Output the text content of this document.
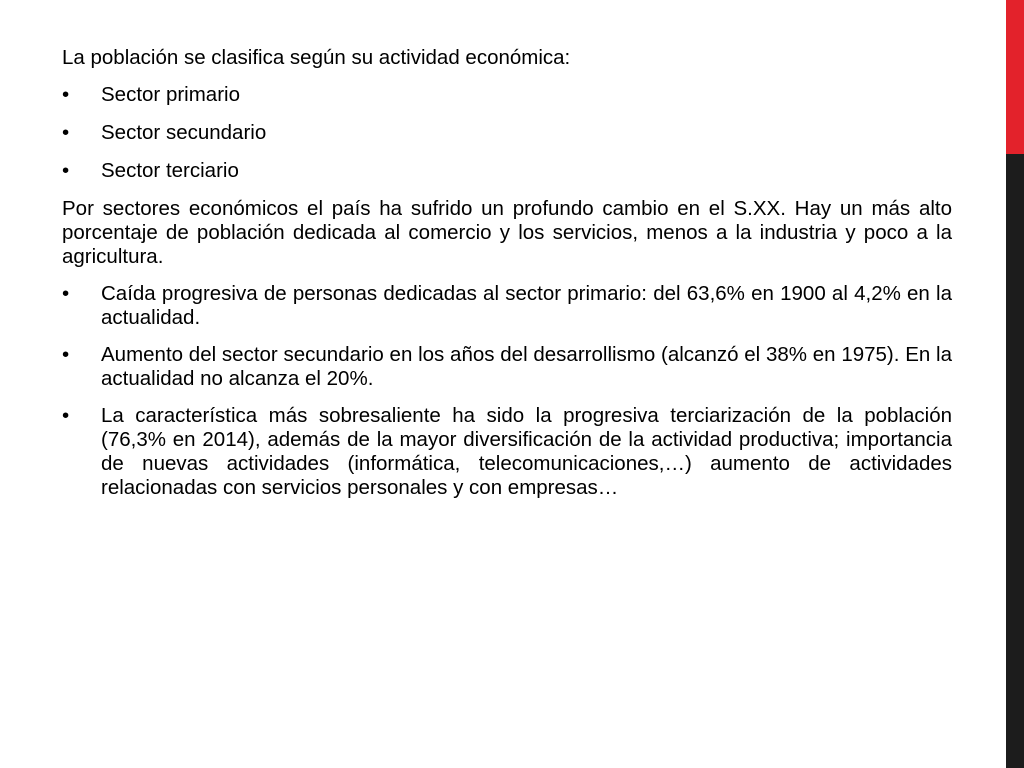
La población se clasifica según su actividad económica:

•	Sector primario
•	Sector secundario
•	Sector terciario

Por sectores económicos el país ha sufrido un profundo cambio en el S.XX. Hay un más alto porcentaje de población dedicada al comercio y los servicios, menos a la industria y poco a la agricultura.

•	Caída progresiva de personas dedicadas al sector primario: del 63,6% en 1900 al 4,2% en la actualidad.
•	Aumento del sector secundario en los años del desarrollismo (alcanzó el 38% en 1975). En la actualidad no alcanza el 20%.
•	La característica más sobresaliente ha sido la progresiva terciarización de la población (76,3% en 2014), además de la mayor diversificación de la actividad productiva; importancia de nuevas actividades (informática, telecomunicaciones,…) aumento de actividades relacionadas con servicios personales y con empresas…
